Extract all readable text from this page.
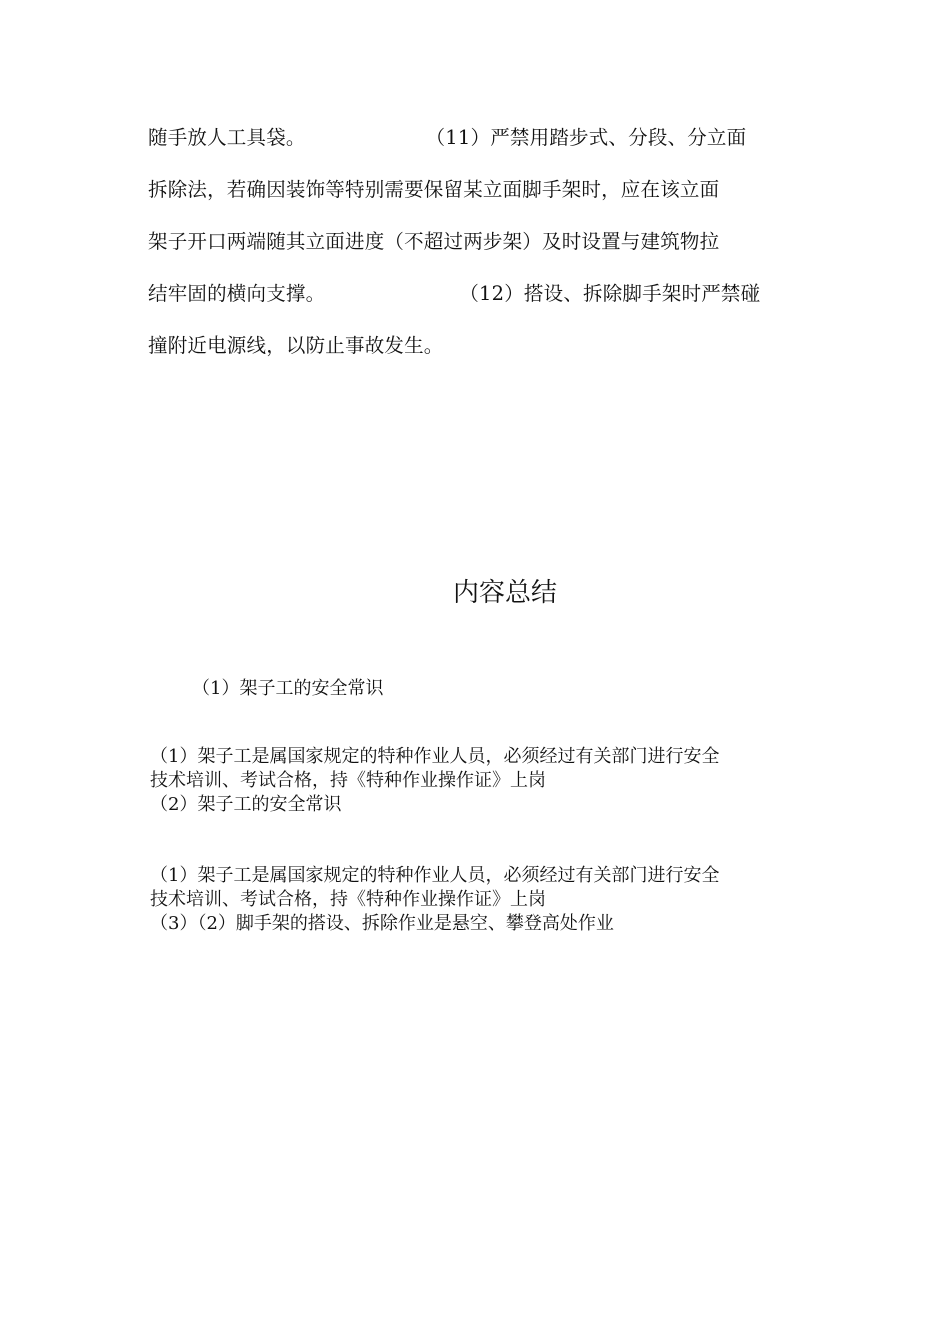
随手放人工具袋。	（11）严禁用踏步式、分段、分立面
拆除法，若确因装饰等特别需要保留某立面脚手架时，应在该立面
架子开口两端随其立面进度（不超过两步架）及时设置与建筑物拉
结牢固的横向支撑。	（12）搭设、拆除脚手架时严禁碰
撞附近电源线，以防止事故发生。

内容总结

（1）架子工的安全常识

（1）架子工是属国家规定的特种作业人员，必须经过有关部门进行安全
技术培训、考试合格，持《特种作业操作证》上岗
（2）架子工的安全常识

（1）架子工是属国家规定的特种作业人员，必须经过有关部门进行安全
技术培训、考试合格，持《特种作业操作证》上岗
（3）（2）脚手架的搭设、拆除作业是悬空、攀登高处作业
